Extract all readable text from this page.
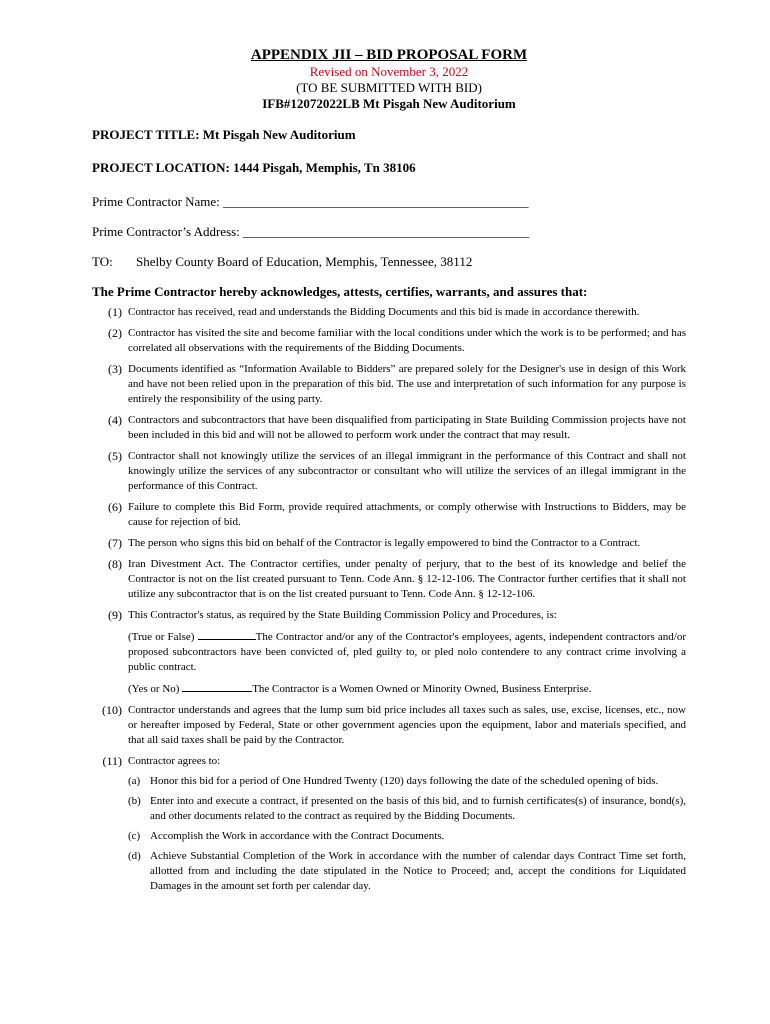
APPENDIX JII – BID PROPOSAL FORM
Revised on November 3, 2022
(TO BE SUBMITTED WITH BID)
IFB#12072022LB Mt Pisgah New Auditorium
PROJECT TITLE: Mt Pisgah New Auditorium
PROJECT LOCATION: 1444 Pisgah, Memphis, Tn 38106
Prime Contractor Name: _______________________________________________
Prime Contractor’s Address: ____________________________________________
TO:	Shelby County Board of Education, Memphis, Tennessee, 38112
The Prime Contractor hereby acknowledges, attests, certifies, warrants, and assures that:
(1) Contractor has received, read and understands the Bidding Documents and this bid is made in accordance therewith.
(2) Contractor has visited the site and become familiar with the local conditions under which the work is to be performed; and has correlated all observations with the requirements of the Bidding Documents.
(3) Documents identified as “Information Available to Bidders” are prepared solely for the Designer's use in design of this Work and have not been relied upon in the preparation of this bid. The use and interpretation of such information for any purpose is entirely the responsibility of the using party.
(4) Contractors and subcontractors that have been disqualified from participating in State Building Commission projects have not been included in this bid and will not be allowed to perform work under the contract that may result.
(5) Contractor shall not knowingly utilize the services of an illegal immigrant in the performance of this Contract and shall not knowingly utilize the services of any subcontractor or consultant who will utilize the services of an illegal immigrant in the performance of this Contract.
(6) Failure to complete this Bid Form, provide required attachments, or comply otherwise with Instructions to Bidders, may be cause for rejection of bid.
(7) The person who signs this bid on behalf of the Contractor is legally empowered to bind the Contractor to a Contract.
(8) Iran Divestment Act. The Contractor certifies, under penalty of perjury, that to the best of its knowledge and belief the Contractor is not on the list created pursuant to Tenn. Code Ann. § 12-12-106. The Contractor further certifies that it shall not utilize any subcontractor that is on the list created pursuant to Tenn. Code Ann. § 12-12-106.
(9) This Contractor's status, as required by the State Building Commission Policy and Procedures, is:
(True or False)	The Contractor and/or any of the Contractor's employees, agents, independent contractors and/or proposed subcontractors have been convicted of, pled guilty to, or pled nolo contendere to any contract crime involving a public contract.
(Yes or No)	The Contractor is a Women Owned or Minority Owned, Business Enterprise.
(10) Contractor understands and agrees that the lump sum bid price includes all taxes such as sales, use, excise, licenses, etc., now or hereafter imposed by Federal, State or other government agencies upon the equipment, labor and materials specified, and that all said taxes shall be paid by the Contractor.
(11) Contractor agrees to:
(a) Honor this bid for a period of One Hundred Twenty (120) days following the date of the scheduled opening of bids.
(b) Enter into and execute a contract, if presented on the basis of this bid, and to furnish certificates(s) of insurance, bond(s), and other documents related to the contract as required by the Bidding Documents.
(c) Accomplish the Work in accordance with the Contract Documents.
(d) Achieve Substantial Completion of the Work in accordance with the number of calendar days Contract Time set forth, allotted from and including the date stipulated in the Notice to Proceed; and, accept the conditions for Liquidated Damages in the amount set forth per calendar day.
